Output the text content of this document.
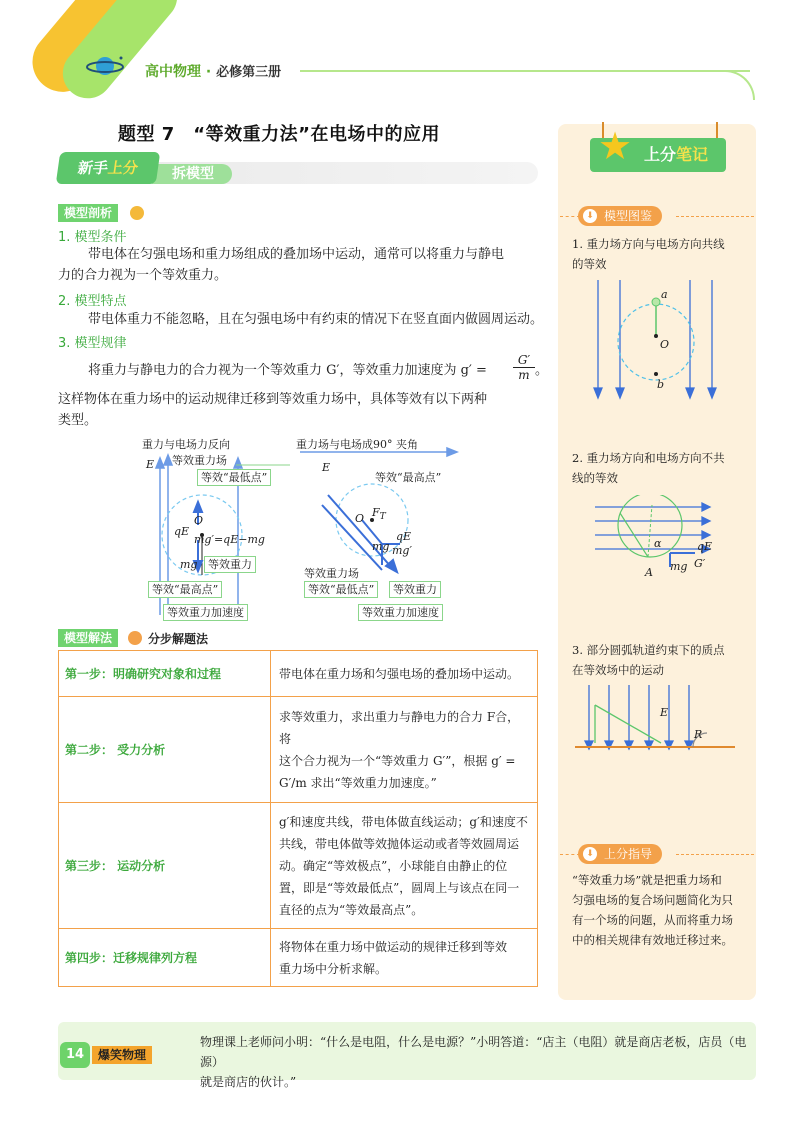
高中物理 · 必修第三册
题型 7　“等效重力法”在电场中的应用
拆模型
新手上分
模型剖析
1. 模型条件
带电体在匀强电场和重力场组成的叠加场中运动，通常可以将重力与静电
力的合力视为一个等效重力。
2. 模型特点
带电体重力不能忽略，且在匀强电场中有约束的情况下在竖直面内做圆周运动。
3. 模型规律
将重力与静电力的合力视为一个等效重力 G′，等效重力加速度为 $g' = \frac{G'}{m}$ 。
这样物体在重力场中的运动规律迁移到等效重力场中，具体等效有以下两种
类型。
重力与电场力反向
等效重力场
E
等效“最低点”
O
qE
mg′=qE−mg
mg 等效重力
等效“最高点”
等效重力加速度
重力场与电场成90° 夹角
E
等效“最高点”
O $F_T$
qE
mg mg′
等效重力场
等效“最低点”	等效重力
等效重力加速度
模型解法	分步解题法
第一步：明确研究对象和过程	带电体在重力场和匀强电场的叠加场中运动。

第二步： 受力分析	求等效重力，求出重力与静电力的合力 F合，将
这个合力视为一个“等效重力 G′”，根据 g′ =
G′/m 求出“等效重力加速度。”

第三步： 运动分析	g′和速度共线，带电体做直线运动；g′和速度不
共线，带电体做等效抛体运动或者等效圆周运
动。确定“等效极点”，小球能自由静止的位
置，即是“等效最低点”，圆周上与该点在同一
直径的点为“等效最高点”。

第四步：迁移规律列方程	将物体在重力场中做运动的规律迁移到等效
重力场中分析求解。
上分笔记
★
⬇ 模型图鉴
1. 重力场方向与电场方向共线
的等效
a
O
b
2. 重力场方向和电场方向不共
线的等效
α
A
qE
mg G′
3. 部分圆弧轨道约束下的质点
在等效场中的运动
E
R
⬇ 上分指导
“等效重力场”就是把重力场和
匀强电场的复合场问题简化为只
有一个场的问题，从而将重力场
中的相关规律有效地迁移过来。
14	爆笑物理
物理课上老师问小明：“什么是电阻，什么是电源？”小明答道：“店主（电阻）就是商店老板，店员（电源）
就是商店的伙计。”
